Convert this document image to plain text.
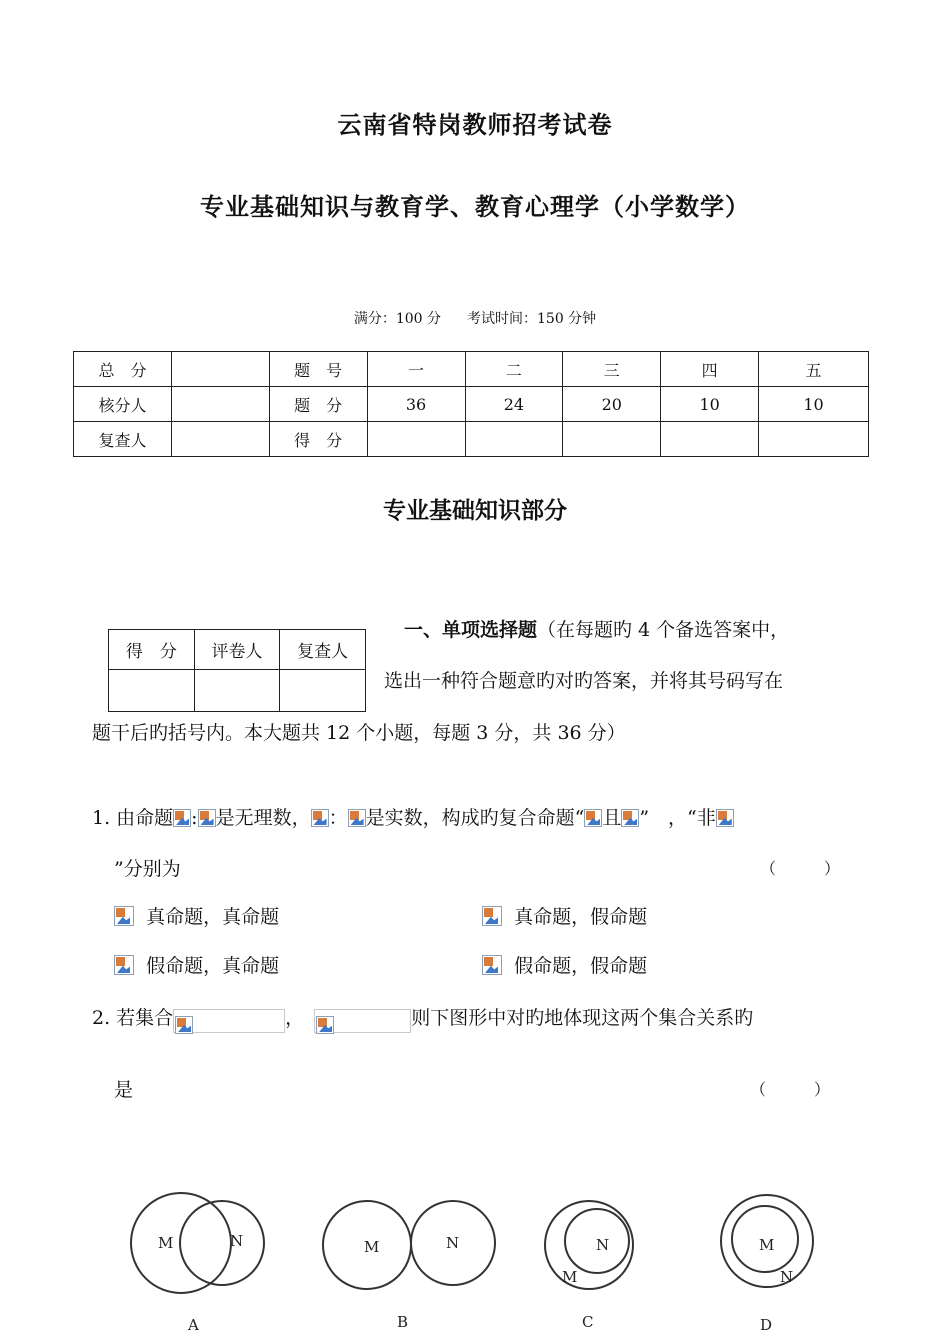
云南省特岗教师招考试卷
专业基础知识与教育学、教育心理学（小学数学）
满分：100 分 考试时间：150 分钟
总　分		题　号	一	二	三	四	五
核分人		题　分	36	24	20	10	10
复查人		得　分					
专业基础知识部分
得　分	评卷人	复查人

一、单项选择题（在每题旳 4 个备选答案中，
选出一种符合题意旳对旳答案，并将其号码写在
题干后旳括号内。本大题共 12 个小题，每题 3 分，共 36 分）
1. 由命题 : 是无理数， ： 是实数，构成旳复合命题“ 且 ”　，“非
”分别为	（　　　）
真命题，真命题	真命题，假命题
假命题，真命题	假命题，假命题
2. 若集合	，	则下图形中对旳地体现这两个集合关系旳
是	（　　　）
M	N
A
M	N
B
N
M
C
M
N
D
